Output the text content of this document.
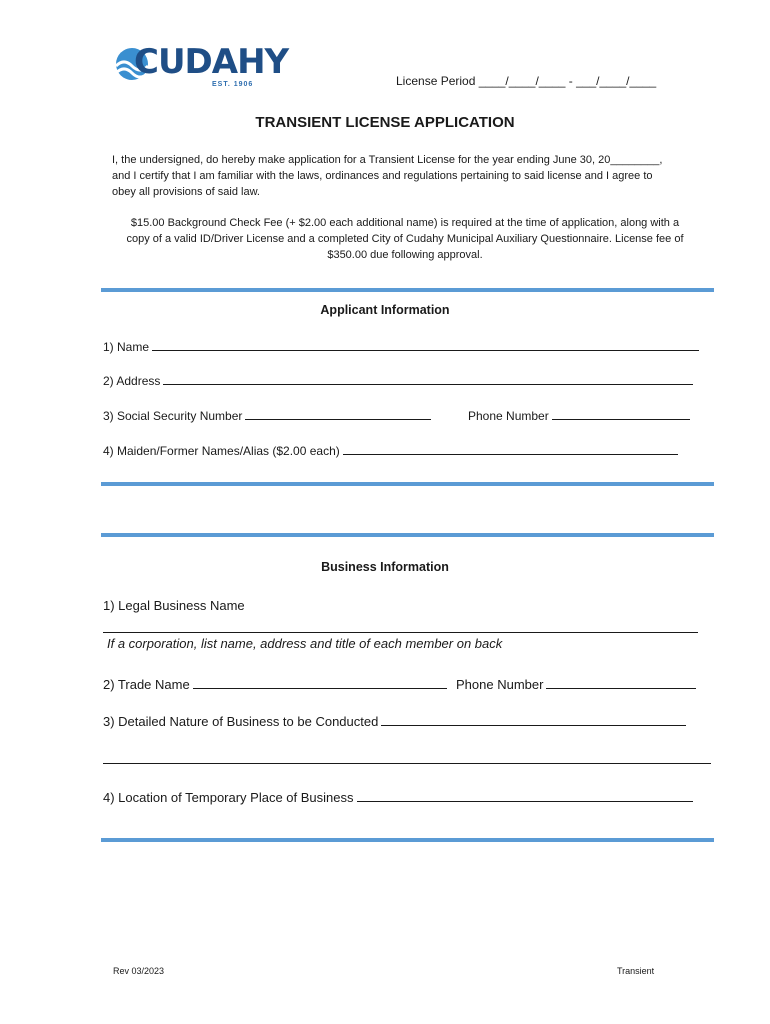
CUDAHY
EST. 1906	License Period ____/____/____ - ___/____/____
TRANSIENT LICENSE APPLICATION
I, the undersigned, do hereby make application for a Transient License for the year ending June 30, 20________,
and I certify that I am familiar with the laws, ordinances and regulations pertaining to said license and I agree to
obey all provisions of said law.
$15.00 Background Check Fee (+ $2.00 each additional name) is required at the time of application, along with a
copy of a valid ID/Driver License and a completed City of Cudahy Municipal Auxiliary Questionnaire. License fee of
$350.00 due following approval.
Applicant Information
1) Name
2) Address
3) Social Security Number	Phone Number
4) Maiden/Former Names/Alias ($2.00 each)
Business Information
1) Legal Business Name
If a corporation, list name, address and title of each member on back
2) Trade Name	Phone Number
3) Detailed Nature of Business to be Conducted
4) Location of Temporary Place of Business
Rev 03/2023	Transient
